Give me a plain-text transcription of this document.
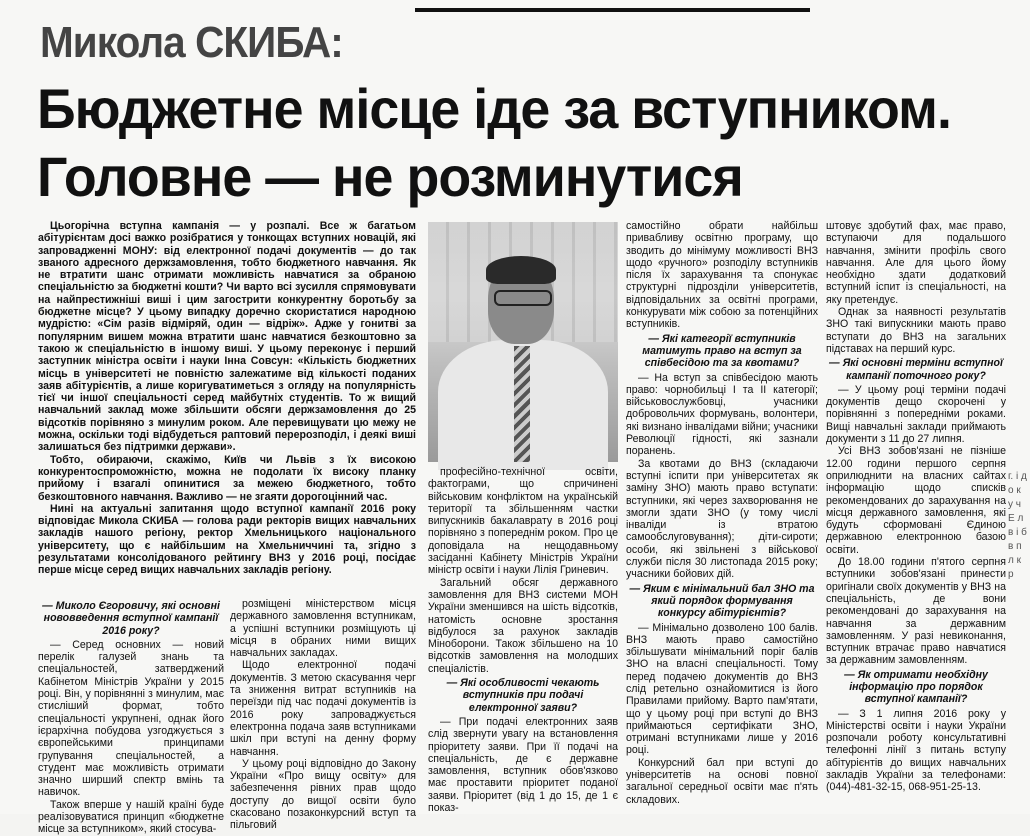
Микола СКИБА:
Бюджетне місце іде за вступником.
Головне — не розминутися

Цьогорічна вступна кампанія — у розпалі. Все ж багатьом абітурієнтам досі важко розібратися у тонкощах вступних новацій, які запровадженні МОНУ: від електронної подачі документів — до так званого адресного держзамовлення, тобто бюджетного навчання. Як не втратити шанс отримати можливість навчатися за обраною спеціальністю за бюджетні кошти? Чи варто всі зусилля спрямовувати на найпрестижніші виші і цим загострити конкурентну боротьбу за бюджетне місце? У цьому випадку доречно скористатися народною мудрістю: «Сім разів відміряй, один — відріж». Адже у гонитві за популярним вишем можна втратити шанс навчатися безкоштовно за такою ж спеціальністю в іншому виші. У цьому переконує і перший заступник міністра освіти і науки Інна Совсун: «Кількість бюджетних місць в університеті не повністю залежатиме від кількості поданих заяв абітурієнтів, а лише коригуватиметься з огляду на популярність тієї чи іншої спеціальності серед майбутніх студентів. То ж вищий навчальний заклад може збільшити обсяги держзамовлення до 25 відсотків порівняно з минулим роком. Але перевищувати цю межу не можна, оскільки тоді відбудеться раптовий перерозподіл, і деякі виші залишаться без підтримки держави».

Тобто, обираючи, скажімо, Київ чи Львів з їх високою конкурентоспроможністю, можна не подолати їх високу планку прийому і взагалі опинитися за межею бюджетного, тобто безкоштовного навчання. Важливо — не згаяти дорогоцінний час.

Нині на актуальні запитання щодо вступної кампанії 2016 року відповідає Микола СКИБА — голова ради ректорів вищих навчальних закладів нашого регіону, ректор Хмельницького національного університету, що є найбільшим на Хмельниччині та, згідно з результатами консолідованого рейтингу ВНЗ у 2016 році, посідає перше місце серед вищих навчальних закладів регіону.

— Миколо Єгоровичу, які основні нововведення вступної кампанії 2016 року?

— Серед основних — новий перелік галузей знань та спеціальностей, затверджений Кабінетом Міністрів України у 2015 році. Він, у порівнянні з минулим, має стисліший формат, тобто спеціальності укрупнені, однак його ієрархічна побудова узгоджується з європейськими принципами групування спеціальностей, а студент має можливість отримати значно ширший спектр вмінь та навичок.

Також вперше у нашій країні буде реалізовуватися принцип «бюджетне місце за вступником», який стосува-

розміщені міністерством місця державного замовлення вступникам, а успішні вступники розміщують ці місця в обраних ними вищих навчальних закладах.

Щодо електронної подачі документів. З метою скасування черг та зниження витрат вступників на переїзди під час подачі документів із 2016 року запроваджується електронна подача заяв вступниками шкіл при вступі на денну форму навчання.

У цьому році відповідно до Закону України «Про вищу освіту» для забезпечення рівних прав щодо доступу до вищої освіти було скасовано позаконкурсний вступ та пільговий

професійно-технічної освіти, фактограми, що спричинені військовим конфліктом на українській території та збільшенням частки випускників бакалаврату в 2016 році порівняно з попереднім роком. Про це доповідала на нещодавньому засіданні Кабінету Міністрів України міністр освіти і науки Лілія Гриневич.

Загальний обсяг державного замовлення для ВНЗ системи МОН України зменшився на шість відсотків, натомість основне зростання відбулося за рахунок закладів Міноборони. Також збільшено на 10 відсотків замовлення на молодших спеціалістів.

— Які особливості чекають вступників при подачі електронної заяви?

— При подачі електронних заяв слід звернути увагу на встановлення пріоритету заяви. При її подачі на спеціальність, де є державне замовлення, вступник обов'язково має проставити пріоритет поданої заяви. Пріоритет (від 1 до 15, де 1 є показ-

самостійно обрати найбільш привабливу освітню програму, що зводить до мінімуму можливості ВНЗ щодо «ручного» розподілу вступників після їх зарахування та спонукає структурні підрозділи університетів, відповідальних за освітні програми, конкурувати між собою за потенційних вступників.

— Які категорії вступників матимуть право на вступ за співбесідою та за квотами?

— На вступ за співбесідою мають право: чорнобильці І та ІІ категорії; військовослужбовці, учасники добровольчих формувань, волонтери, які визнано інвалідами війни; учасники Революції гідності, які зазнали поранень.

За квотами до ВНЗ (складаючи вступні іспити при університетах як заміну ЗНО) мають право вступати: вступники, які через захворювання не змогли здати ЗНО (у тому числі інваліди із втратою самообслуговування); діти-сироти; особи, які звільнені з військової служби після 30 листопада 2015 року; учасники бойових дій.

— Яким є мінімальний бал ЗНО та який порядок формування конкурсу абітурієнтів?

— Мінімально дозволено 100 балів. ВНЗ мають право самостійно збільшувати мінімальний поріг балів ЗНО на власні спеціальності. Тому перед подачею документів до ВНЗ слід ретельно ознайомитися із його Правилами прийому. Варто пам'ятати, що у цьому році при вступі до ВНЗ приймаються сертифікати ЗНО, отримані вступниками лише у 2016 році.

Конкурсний бал при вступі до університетів на основі повної загальної середньої освіти має п'ять складових.

штовує здобутий фах, має право, вступаючи для подальшого навчання, змінити профіль свого навчання. Але для цього йому необхідно здати додатковий вступний іспит із спеціальності, на яку претендує.

Однак за наявності результатів ЗНО такі випускники мають право вступати до ВНЗ на загальних підставах на перший курс.

— Які основні терміни вступної кампанії поточного року?

— У цьому році терміни подачі документів дещо скорочені у порівнянні з попередніми роками. Вищі навчальні заклади приймають документи з 11 до 27 липня.

Усі ВНЗ зобов'язані не пізніше 12.00 години першого серпня оприлюднити на власних сайтах інформацію щодо списків рекомендованих до зарахування на місця державного замовлення, які будуть сформовані Єдиною державною електронною базою освіти.

До 18.00 години п'ятого серпня вступники зобов'язані принести оригінали своїх документів у ВНЗ на спеціальність, де вони рекомендовані до зарахування на навчання за державним замовленням. У разі невиконання, вступник втрачає право навчатися за державним замовленням.

— Як отримати необхідну інформацію про порядок вступної кампанії?

— З 1 липня 2016 року у Міністерстві освіти і науки України розпочали роботу консультативні телефонні лінії з питань вступу абітурієнтів до вищих навчальних закладів України за телефонами: (044)-481-32-15, 068-951-25-13.

г. і д о к у ч Е л в і б в п л к р
